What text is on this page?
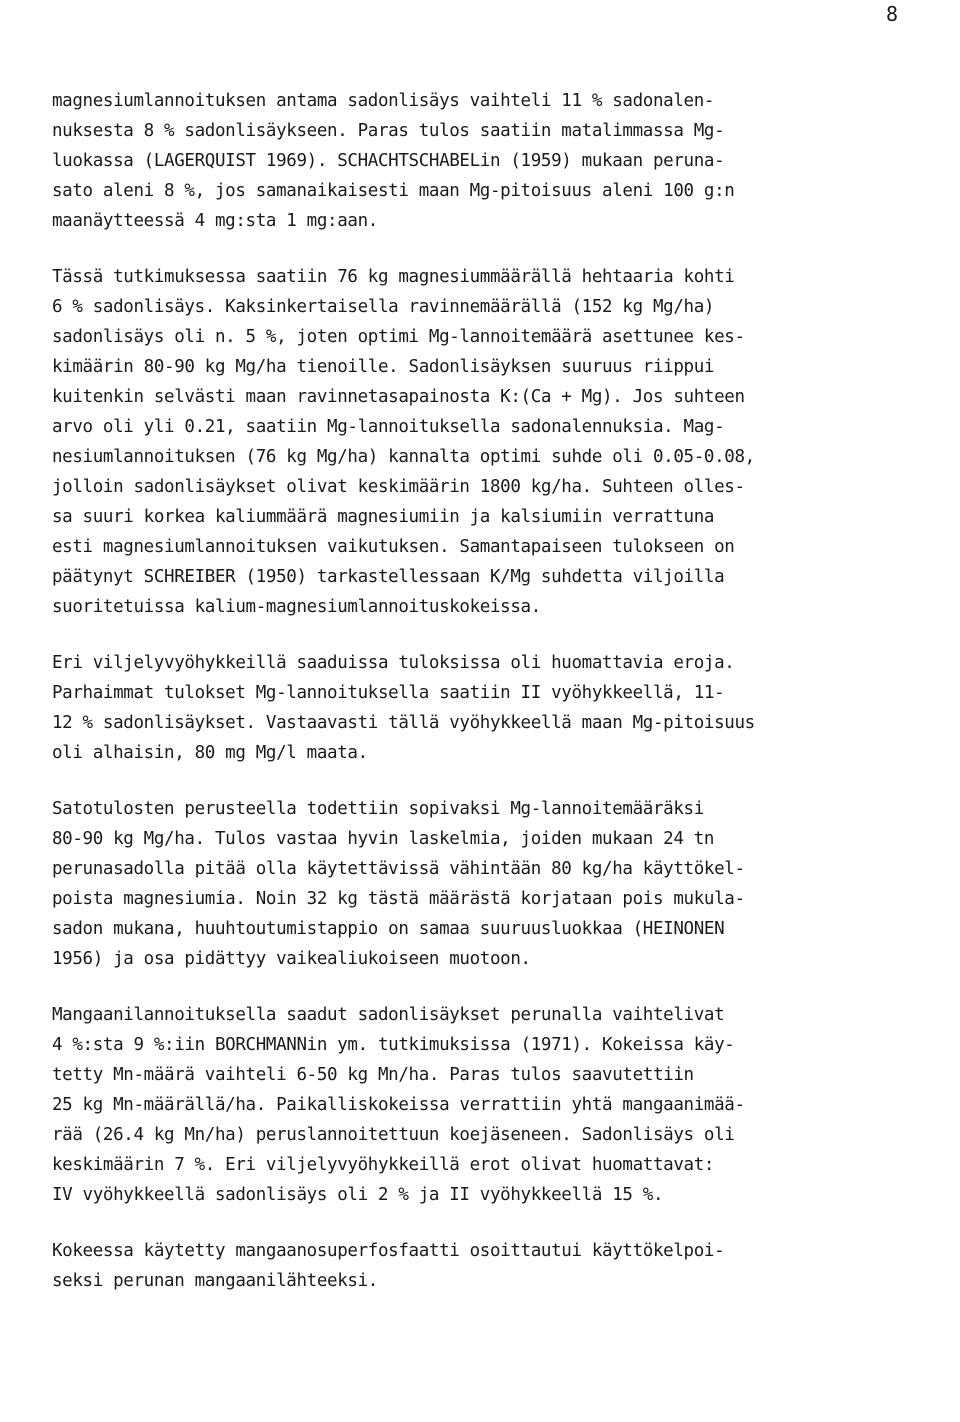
8
magnesiumlannoituksen antama sadonlisäys vaihteli 11 % sadonalen-
nuksesta 8 % sadonlisäykseen. Paras tulos saatiin matalimmassa Mg-
luokassa (LAGERQUIST 1969). SCHACHTSCHABELin (1959) mukaan peruna-
sato aleni 8 %, jos samanaikaisesti maan Mg-pitoisuus aleni 100 g:n
maanäytteessä 4 mg:sta 1 mg:aan.
Tässä tutkimuksessa saatiin 76 kg magnesiummäärällä hehtaaria kohti
6 % sadonlisäys. Kaksinkertaisella ravinnemäärällä (152 kg Mg/ha)
sadonlisäys oli n. 5 %, joten optimi Mg-lannoitemäärä asettunee kes-
kimäärin 80-90 kg Mg/ha tienoille. Sadonlisäyksen suuruus riippui
kuitenkin selvästi maan ravinnetasapainosta K:(Ca + Mg). Jos suhteen
arvo oli yli 0.21, saatiin Mg-lannoituksella sadonalennuksia. Mag-
nesiumlannoituksen (76 kg Mg/ha) kannalta optimi suhde oli 0.05-0.08,
jolloin sadonlisäykset olivat keskimäärin 1800 kg/ha. Suhteen olles-
sa suuri korkea kaliummäärä magnesiumiin ja kalsiumiin verrattuna
esti magnesiumlannoituksen vaikutuksen. Samantapaiseen tulokseen on
päätynyt SCHREIBER (1950) tarkastellessaan K/Mg suhdetta viljoilla
suoritetuissa kalium-magnesiumlannoituskokeissa.
Eri viljelyvyöhykkeillä saaduissa tuloksissa oli huomattavia eroja.
Parhaimmat tulokset Mg-lannoituksella saatiin II vyöhykkeellä, 11-
12 % sadonlisäykset. Vastaavasti tällä vyöhykkeellä maan Mg-pitoisuus
oli alhaisin, 80 mg Mg/l maata.
Satotulosten perusteella todettiin sopivaksi Mg-lannoitemääräksi
80-90 kg Mg/ha. Tulos vastaa hyvin laskelmia, joiden mukaan 24 tn
perunasadolla pitää olla käytettävissä vähintään 80 kg/ha käyttökel-
poista magnesiumia. Noin 32 kg tästä määrästä korjataan pois mukula-
sadon mukana, huuhtoutumistappio on samaa suuruusluokkaa (HEINONEN
1956) ja osa pidättyy vaikealiukoiseen muotoon.
Mangaanilannoituksella saadut sadonlisäykset perunalla vaihtelivat
4 %:sta 9 %:iin BORCHMANNin ym. tutkimuksissa (1971). Kokeissa käy-
tetty Mn-määrä vaihteli 6-50 kg Mn/ha. Paras tulos saavutettiin
25 kg Mn-määrällä/ha. Paikalliskokeissa verrattiin yhtä mangaanimää-
rää (26.4 kg Mn/ha) peruslannoitettuun koejäseneen. Sadonlisäys oli
keskimäärin 7 %. Eri viljelyvyöhykkeillä erot olivat huomattavat:
IV vyöhykkeellä sadonlisäys oli 2 % ja II vyöhykkeellä 15 %.
Kokeessa käytetty mangaanosuperfosfaatti osoittautui käyttökelpoi-
seksi perunan mangaanilähteeksi.
